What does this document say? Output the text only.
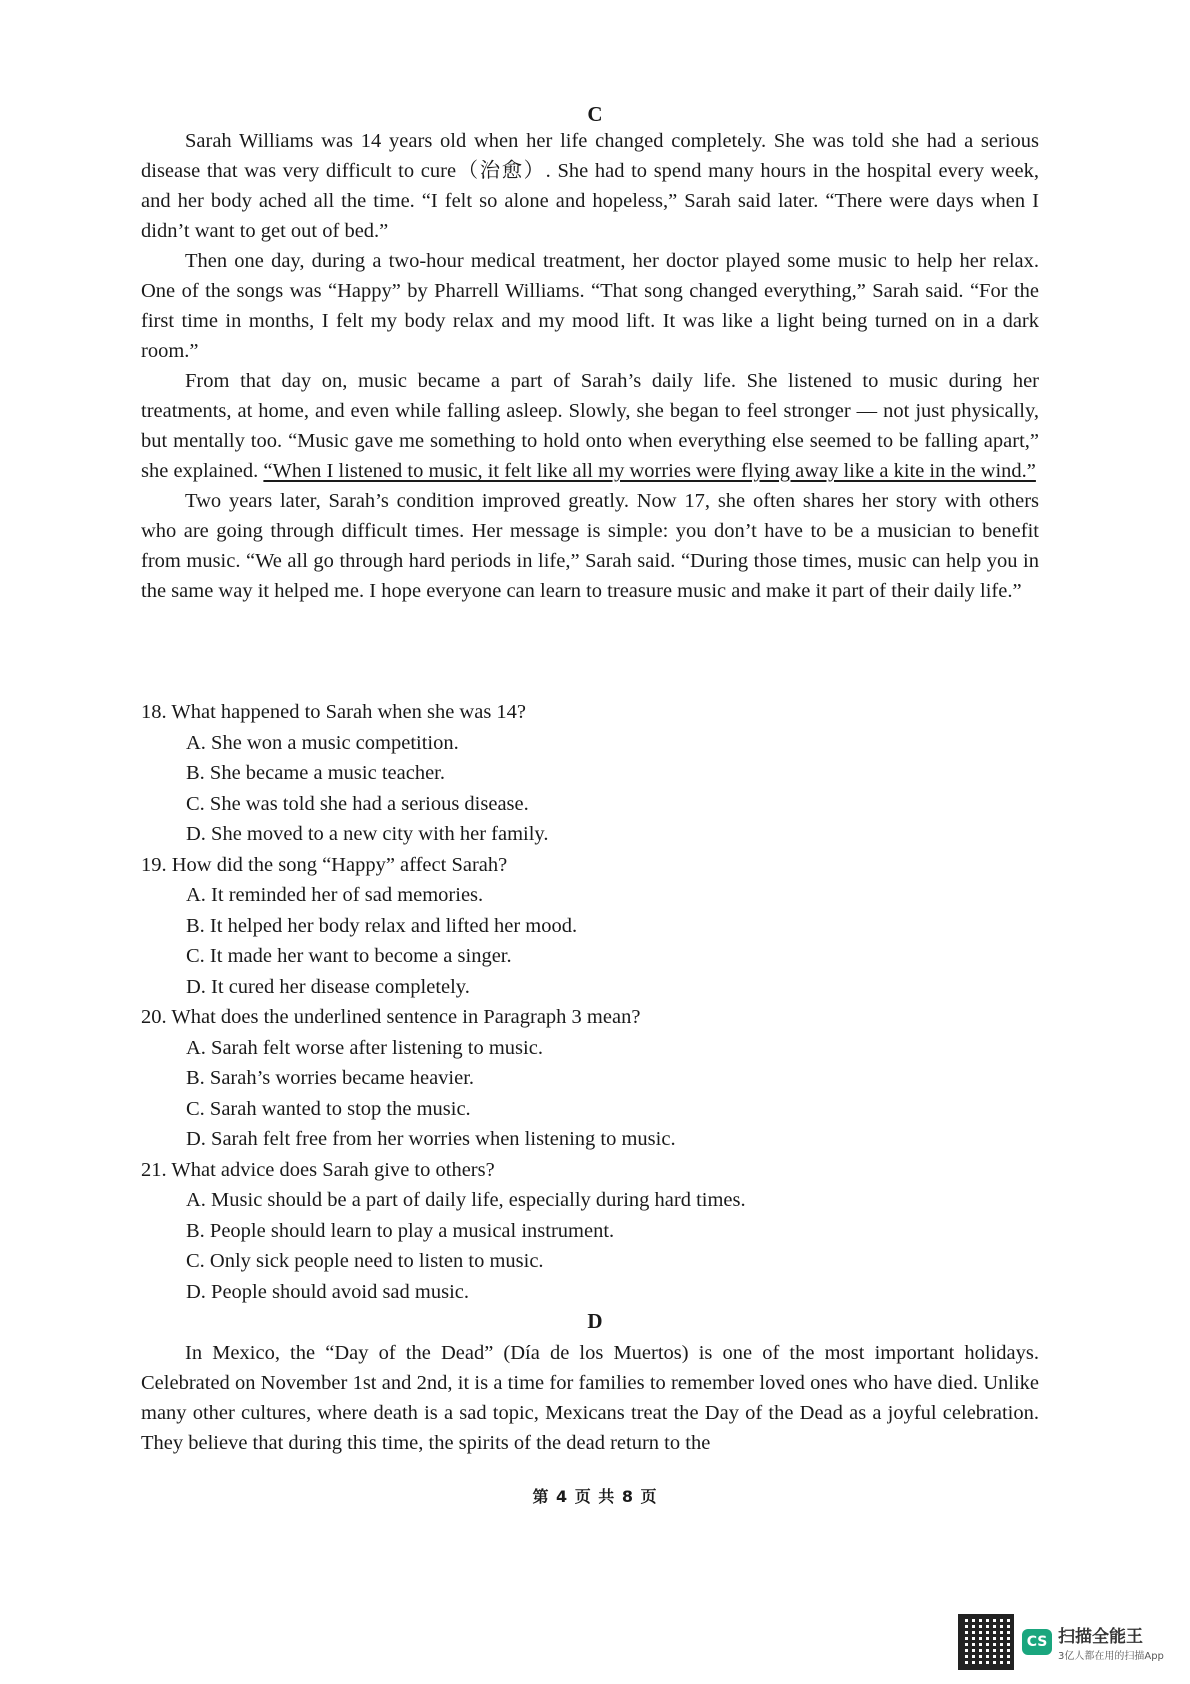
C

Sarah Williams was 14 years old when her life changed completely. She was told she had a serious disease that was very difficult to cure（治愈）. She had to spend many hours in the hospital every week, and her body ached all the time. “I felt so alone and hopeless,” Sarah said later. “There were days when I didn’t want to get out of bed.”

Then one day, during a two-hour medical treatment, her doctor played some music to help her relax. One of the songs was “Happy” by Pharrell Williams. “That song changed everything,” Sarah said. “For the first time in months, I felt my body relax and my mood lift. It was like a light being turned on in a dark room.”

From that day on, music became a part of Sarah’s daily life. She listened to music during her treatments, at home, and even while falling asleep. Slowly, she began to feel stronger — not just physically, but mentally too. “Music gave me something to hold onto when everything else seemed to be falling apart,” she explained. “When I listened to music, it felt like all my worries were flying away like a kite in the wind.”

Two years later, Sarah’s condition improved greatly. Now 17, she often shares her story with others who are going through difficult times. Her message is simple: you don’t have to be a musician to benefit from music. “We all go through hard periods in life,” Sarah said. “During those times, music can help you in the same way it helped me. I hope everyone can learn to treasure music and make it part of their daily life.”

18. What happened to Sarah when she was 14?

A. She won a music competition.

B. She became a music teacher.

C. She was told she had a serious disease.

D. She moved to a new city with her family.

19. How did the song “Happy” affect Sarah?

A. It reminded her of sad memories.

B. It helped her body relax and lifted her mood.

C. It made her want to become a singer.

D. It cured her disease completely.

20. What does the underlined sentence in Paragraph 3 mean?

A. Sarah felt worse after listening to music.

B. Sarah’s worries became heavier.

C. Sarah wanted to stop the music.

D. Sarah felt free from her worries when listening to music.

21. What advice does Sarah give to others?

A. Music should be a part of daily life, especially during hard times.

B. People should learn to play a musical instrument.

C. Only sick people need to listen to music.

D. People should avoid sad music.

D

In Mexico, the “Day of the Dead” (Día de los Muertos) is one of the most important holidays. Celebrated on November 1st and 2nd, it is a time for families to remember loved ones who have died. Unlike many other cultures, where death is a sad topic, Mexicans treat the Day of the Dead as a joyful celebration. They believe that during this time, the spirits of the dead return to the

第 4 页 共 8 页
CS 扫描全能王
3亿人都在用的扫描App
